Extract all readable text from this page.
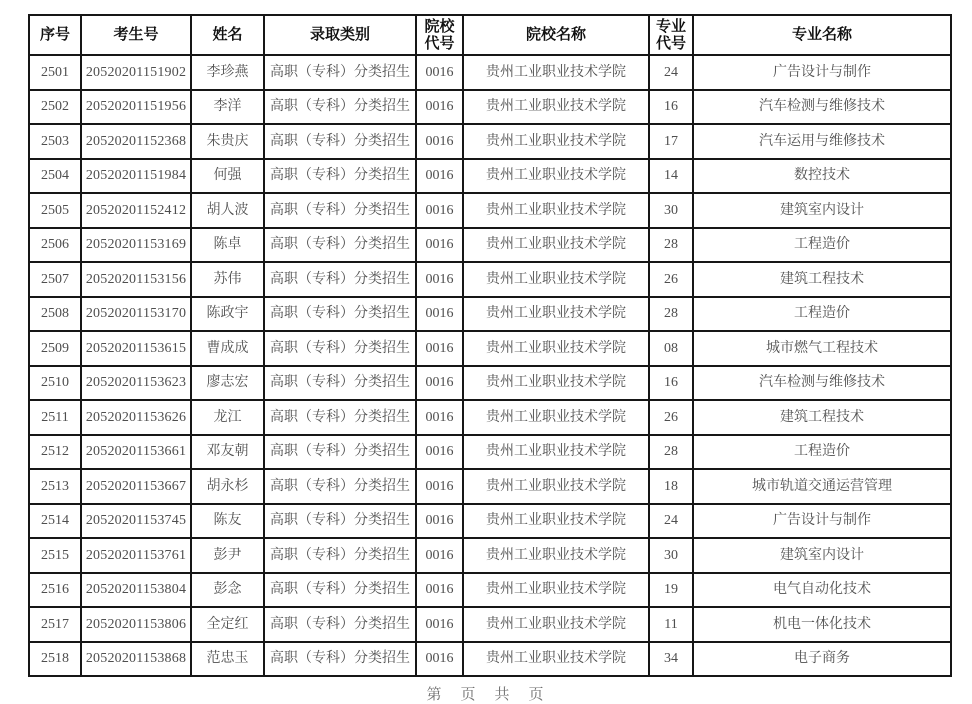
序号	考生号	姓名	录取类别	院校代号	院校名称	专业代号	专业名称
2501	20520201151902	李珍燕	高职（专科）分类招生	0016	贵州工业职业技术学院	24	广告设计与制作
2502	20520201151956	李洋	高职（专科）分类招生	0016	贵州工业职业技术学院	16	汽车检测与维修技术
2503	20520201152368	朱贵庆	高职（专科）分类招生	0016	贵州工业职业技术学院	17	汽车运用与维修技术
2504	20520201151984	何强	高职（专科）分类招生	0016	贵州工业职业技术学院	14	数控技术
2505	20520201152412	胡人波	高职（专科）分类招生	0016	贵州工业职业技术学院	30	建筑室内设计
2506	20520201153169	陈卓	高职（专科）分类招生	0016	贵州工业职业技术学院	28	工程造价
2507	20520201153156	苏伟	高职（专科）分类招生	0016	贵州工业职业技术学院	26	建筑工程技术
2508	20520201153170	陈政宇	高职（专科）分类招生	0016	贵州工业职业技术学院	28	工程造价
2509	20520201153615	曹成成	高职（专科）分类招生	0016	贵州工业职业技术学院	08	城市燃气工程技术
2510	20520201153623	廖志宏	高职（专科）分类招生	0016	贵州工业职业技术学院	16	汽车检测与维修技术
2511	20520201153626	龙江	高职（专科）分类招生	0016	贵州工业职业技术学院	26	建筑工程技术
2512	20520201153661	邓友朝	高职（专科）分类招生	0016	贵州工业职业技术学院	28	工程造价
2513	20520201153667	胡永杉	高职（专科）分类招生	0016	贵州工业职业技术学院	18	城市轨道交通运营管理
2514	20520201153745	陈友	高职（专科）分类招生	0016	贵州工业职业技术学院	24	广告设计与制作
2515	20520201153761	彭尹	高职（专科）分类招生	0016	贵州工业职业技术学院	30	建筑室内设计
2516	20520201153804	彭念	高职（专科）分类招生	0016	贵州工业职业技术学院	19	电气自动化技术
2517	20520201153806	全定红	高职（专科）分类招生	0016	贵州工业职业技术学院	11	机电一体化技术
2518	20520201153868	范忠玉	高职（专科）分类招生	0016	贵州工业职业技术学院	34	电子商务
第　页　共　页
